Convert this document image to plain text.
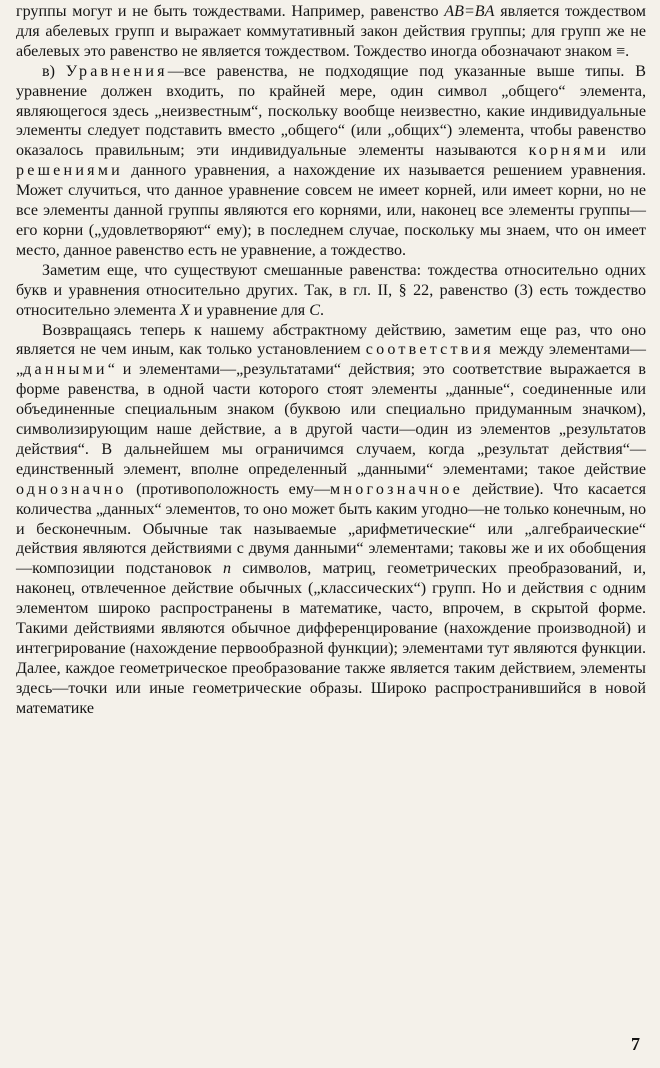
группы могут и не быть тождествами. Например, равенство AB=BA является тождеством для абелевых групп и выражает коммутативный закон действия группы; для групп же не абелевых это равенство не является тождеством. Тождество иногда обозначают знаком ≡.

в) Уравнения—все равенства, не подходящие под указанные выше типы. В уравнение должен входить, по крайней мере, один символ „общего“ элемента, являющегося здесь „неизвестным“, поскольку вообще неизвестно, какие индивидуальные элементы следует подставить вместо „общего“ (или „общих“) элемента, чтобы равенство оказалось правильным; эти индивидуальные элементы называются корнями или решениями данного уравнения, а нахождение их называется решением уравнения. Может случиться, что данное уравнение совсем не имеет корней, или имеет корни, но не все элементы данной группы являются его корнями, или, наконец все элементы группы—его корни („удовлетворяют“ ему); в последнем случае, поскольку мы знаем, что он имеет место, данное равенство есть не уравнение, а тождество.

Заметим еще, что существуют смешанные равенства: тождества относительно одних букв и уравнения относительно других. Так, в гл. II, § 22, равенство (3) есть тождество относительно элемента X и уравнение для C.

Возвращаясь теперь к нашему абстрактному действию, заметим еще раз, что оно является не чем иным, как только установлением соответствия между элементами—„данными“ и элементами—„результатами“ действия; это соответствие выражается в форме равенства, в одной части которого стоят элементы „данные“, соединенные или объединенные специальным знаком (буквою или специально придуманным значком), символизирующим наше действие, а в другой части—один из элементов „результатов действия“. В дальнейшем мы ограничимся случаем, когда „результат действия“—единственный элемент, вполне определенный „данными“ элементами; такое действие однозначно (противоположность ему—многозначное действие). Что касается количества „данных“ элементов, то оно может быть каким угодно—не только конечным, но и бесконечным. Обычные так называемые „арифметические“ или „алгебраические“ действия являются действиями с двумя данными“ элементами; таковы же и их обобщения—композиции подстановок n символов, матриц, геометрических преобразований, и, наконец, отвлеченное действие обычных („классических“) групп. Но и действия с одним элементом широко распространены в математике, часто, впрочем, в скрытой форме. Такими действиями являются обычное дифференцирование (нахождение производной) и интегрирование (нахождение первообразной функции); элементами тут являются функции. Далее, каждое геометрическое преобразование также является таким действием, элементы здесь—точки или иные геометрические образы. Широко распространившийся в новой математике

7
